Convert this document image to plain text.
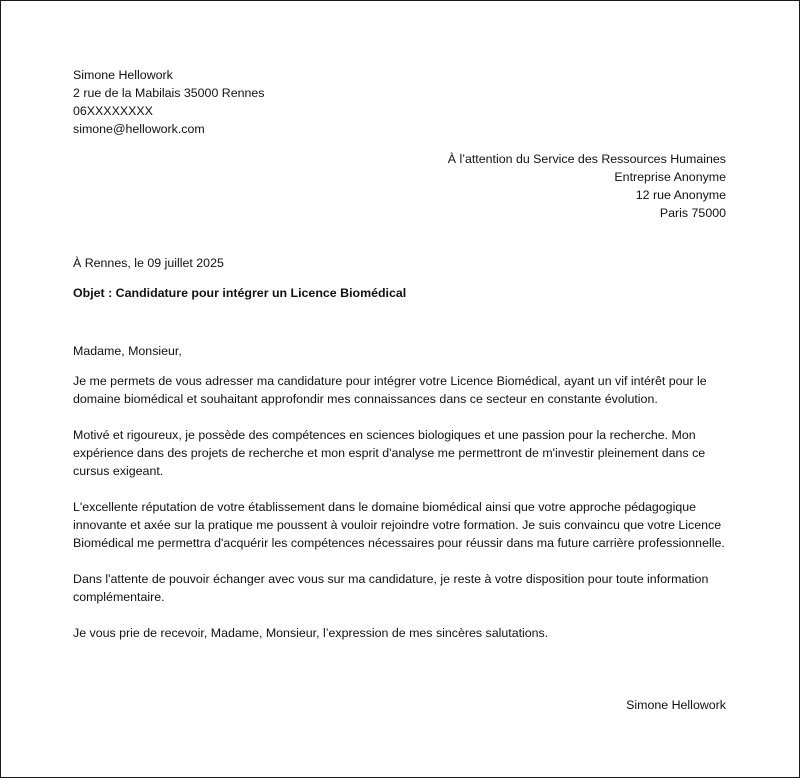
Simone Hellowork
2 rue de la Mabilais 35000 Rennes
06XXXXXXXX
simone@hellowork.com
À l’attention du Service des Ressources Humaines
Entreprise Anonyme
12 rue Anonyme
Paris 75000
À Rennes, le 09 juillet 2025
Objet : Candidature pour intégrer un Licence Biomédical
Madame, Monsieur,

Je me permets de vous adresser ma candidature pour intégrer votre Licence Biomédical, ayant un vif intérêt pour le domaine biomédical et souhaitant approfondir mes connaissances dans ce secteur en constante évolution.

Motivé et rigoureux, je possède des compétences en sciences biologiques et une passion pour la recherche. Mon expérience dans des projets de recherche et mon esprit d'analyse me permettront de m'investir pleinement dans ce cursus exigeant.

L'excellente réputation de votre établissement dans le domaine biomédical ainsi que votre approche pédagogique innovante et axée sur la pratique me poussent à vouloir rejoindre votre formation. Je suis convaincu que votre Licence Biomédical me permettra d'acquérir les compétences nécessaires pour réussir dans ma future carrière professionnelle.

Dans l'attente de pouvoir échanger avec vous sur ma candidature, je reste à votre disposition pour toute information complémentaire.

Je vous prie de recevoir, Madame, Monsieur, l’expression de mes sincères salutations.

Simone Hellowork
